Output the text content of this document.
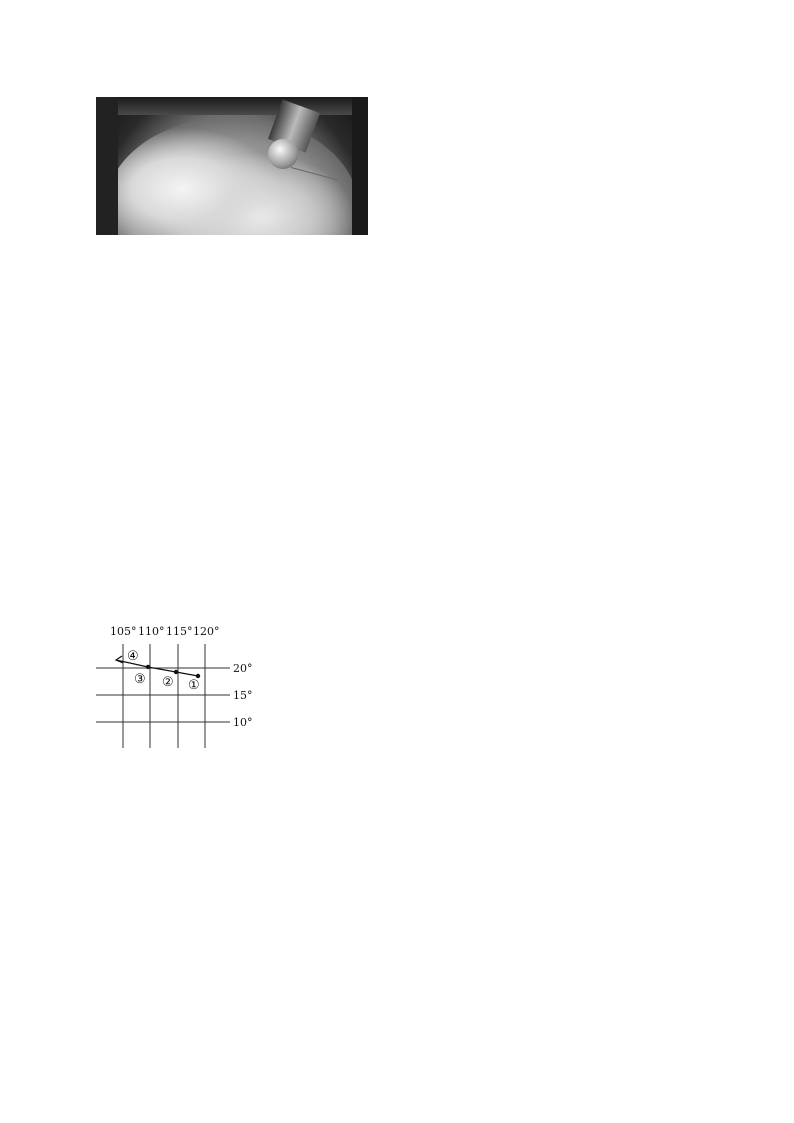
105° 110° 115° 120°
20°
15°
10°
④
③ ② ①
